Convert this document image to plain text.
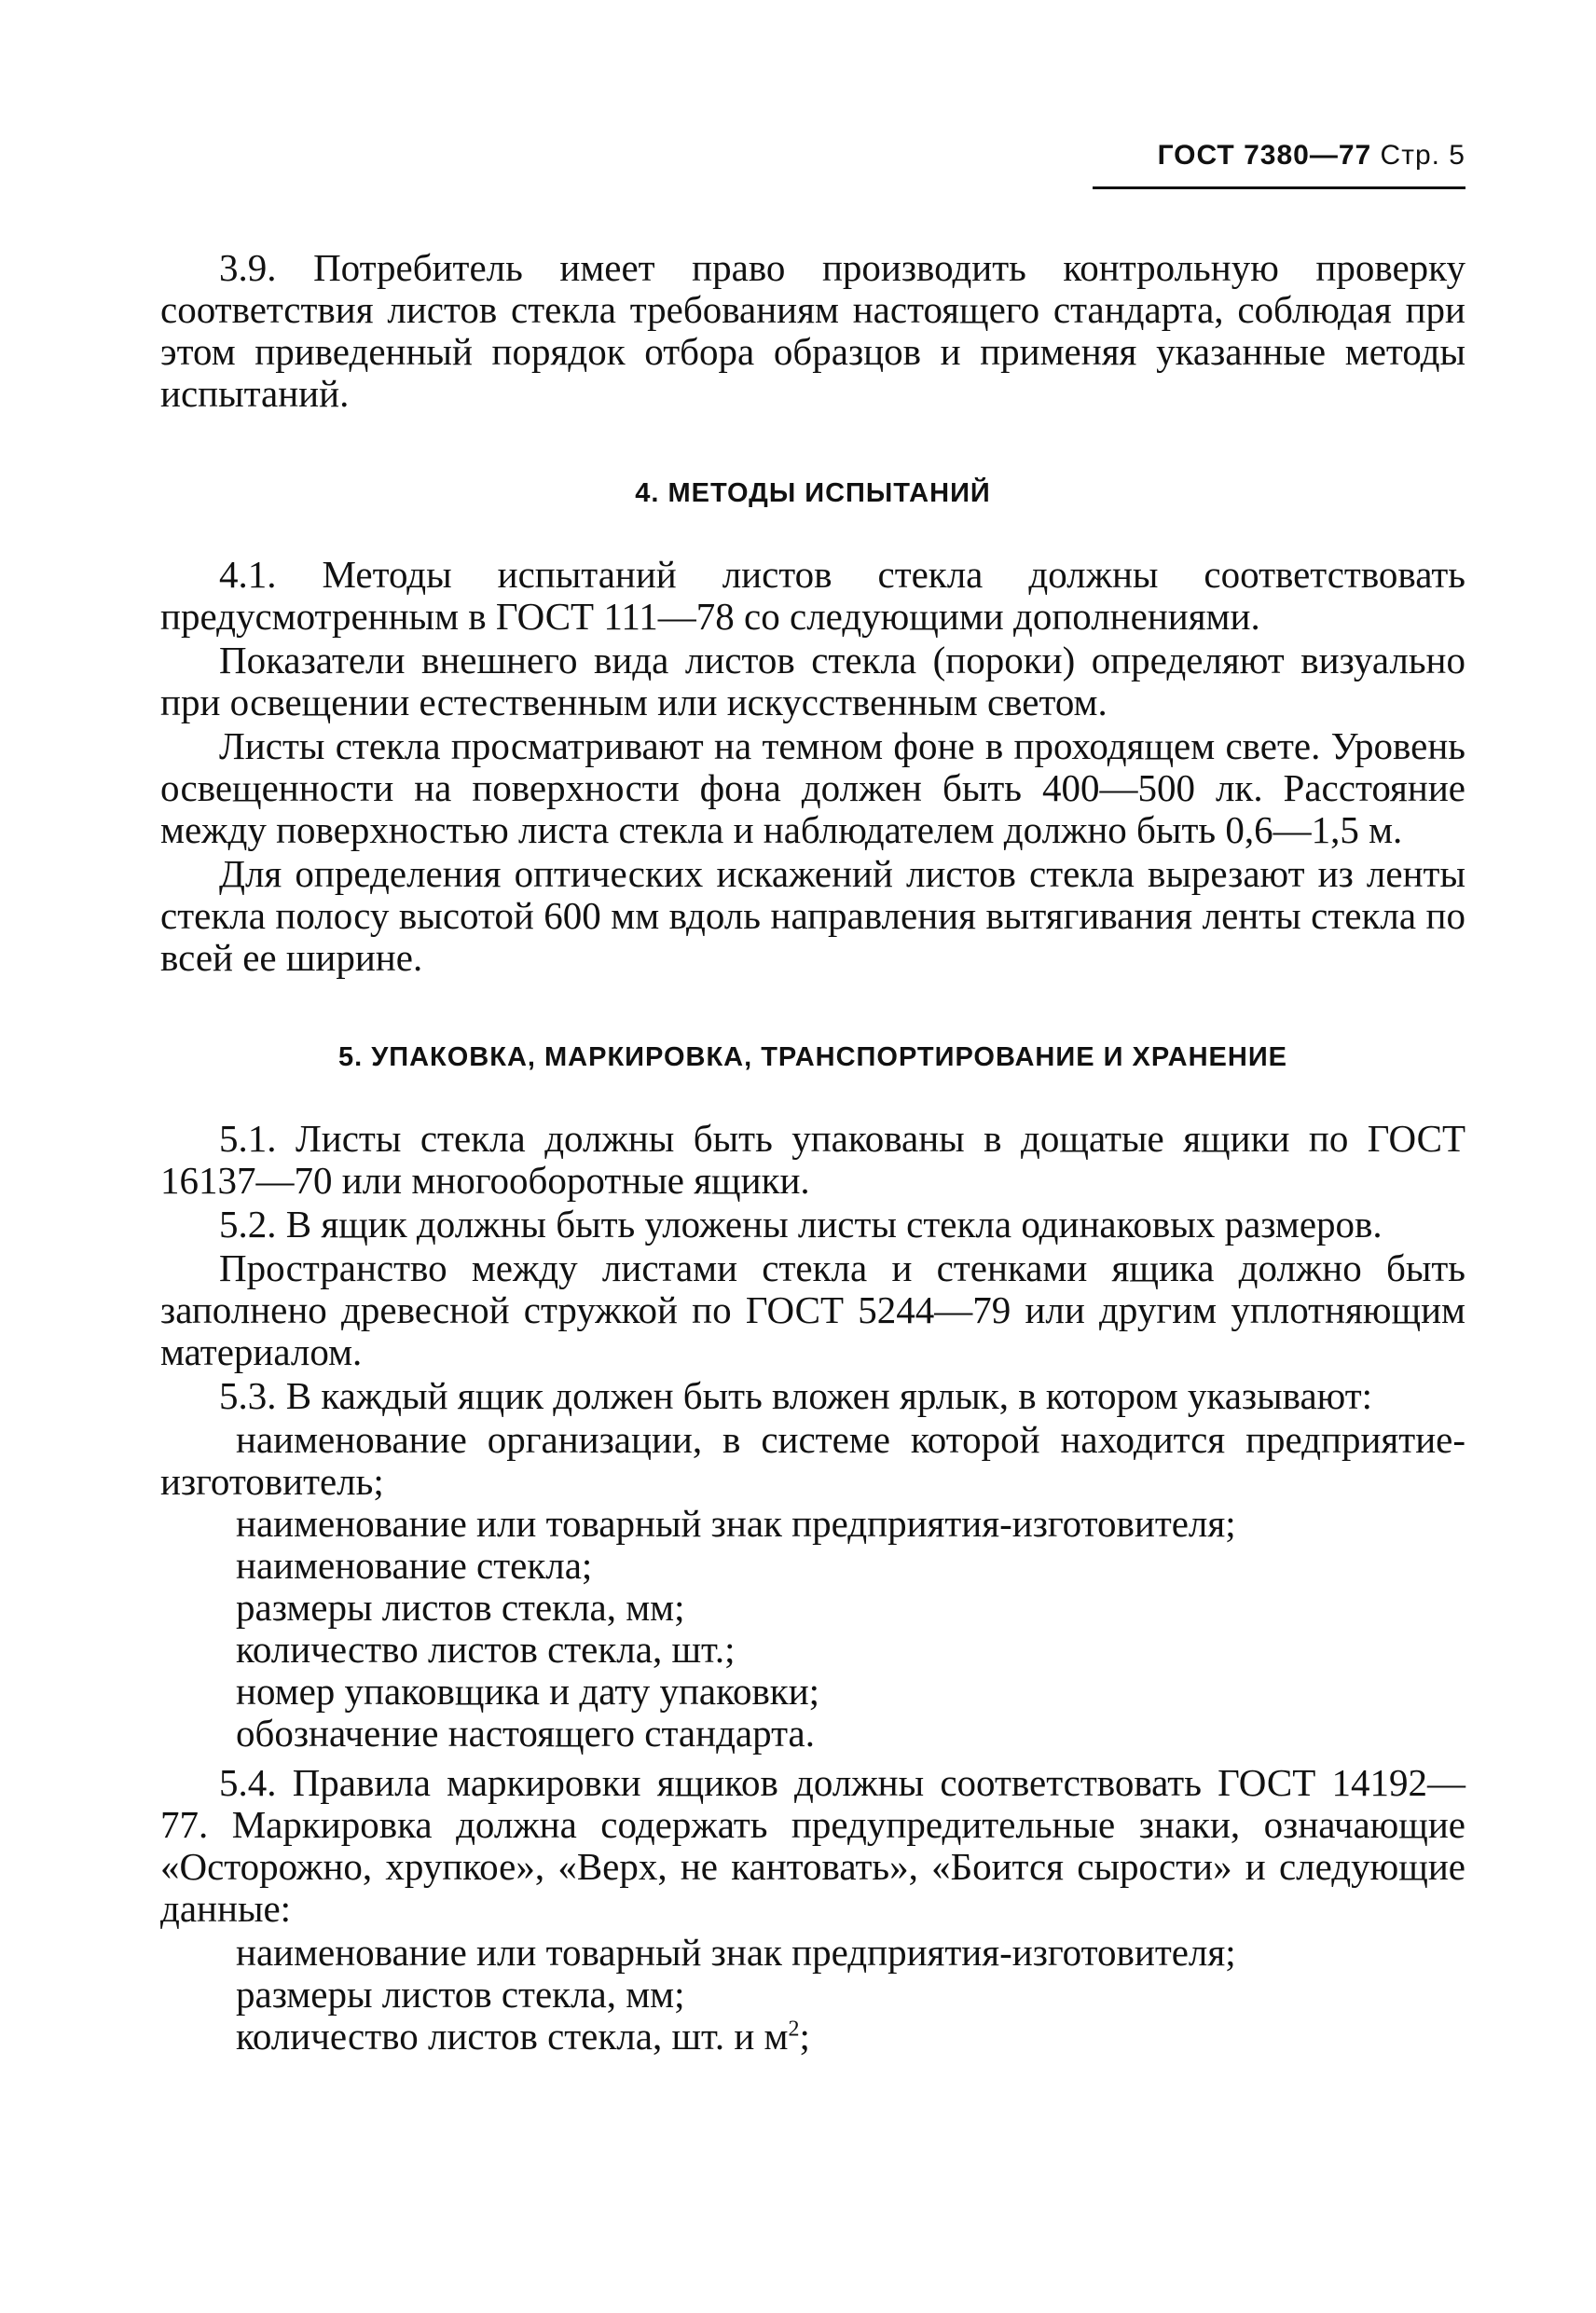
ГОСТ 7380—77 Стр. 5

3.9. Потребитель имеет право производить контрольную проверку соответствия листов стекла требованиям настоящего стандарта, соблюдая при этом приведенный порядок отбора образцов и применяя указанные методы испытаний.

4. МЕТОДЫ ИСПЫТАНИЙ

4.1. Методы испытаний листов стекла должны соответствовать предусмотренным в ГОСТ 111—78 со следующими дополнениями.

Показатели внешнего вида листов стекла (пороки) определяют визуально при освещении естественным или искусственным светом.

Листы стекла просматривают на темном фоне в проходящем свете. Уровень освещенности на поверхности фона должен быть 400—500 лк. Расстояние между поверхностью листа стекла и наблюдателем должно быть 0,6—1,5 м.

Для определения оптических искажений листов стекла вырезают из ленты стекла полосу высотой 600 мм вдоль направления вытягивания ленты стекла по всей ее ширине.

5. УПАКОВКА, МАРКИРОВКА, ТРАНСПОРТИРОВАНИЕ И ХРАНЕНИЕ

5.1. Листы стекла должны быть упакованы в дощатые ящики по ГОСТ 16137—70 или многооборотные ящики.

5.2. В ящик должны быть уложены листы стекла одинаковых размеров.

Пространство между листами стекла и стенками ящика должно быть заполнено древесной стружкой по ГОСТ 5244—79 или другим уплотняющим материалом.

5.3. В каждый ящик должен быть вложен ярлык, в котором указывают:

наименование организации, в системе которой находится предприятие-изготовитель;

наименование или товарный знак предприятия-изготовителя;

наименование стекла;

размеры листов стекла, мм;

количество листов стекла, шт.;

номер упаковщика и дату упаковки;

обозначение настоящего стандарта.

5.4. Правила маркировки ящиков должны соответствовать ГОСТ 14192—77. Маркировка должна содержать предупредительные знаки, означающие «Осторожно, хрупкое», «Верх, не кантовать», «Боится сырости» и следующие данные:

наименование или товарный знак предприятия-изготовителя;

размеры листов стекла, мм;

количество листов стекла, шт. и $м^2$;
